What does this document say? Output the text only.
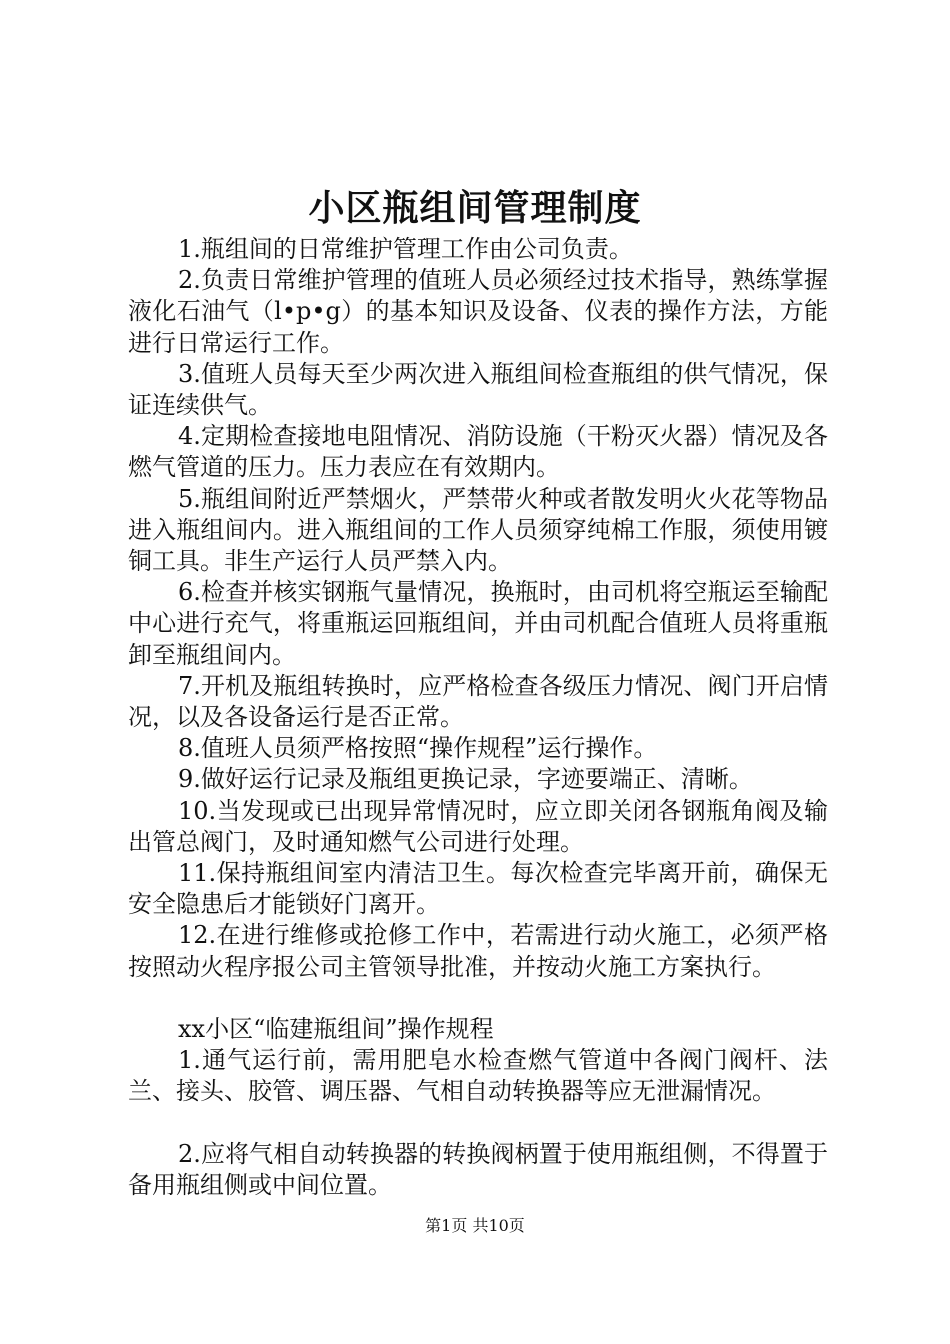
小区瓶组间管理制度

1.瓶组间的日常维护管理工作由公司负责。

2.负责日常维护管理的值班人员必须经过技术指导，熟练掌握液化石油气（l•p•g）的基本知识及设备、仪表的操作方法，方能进行日常运行工作。

3.值班人员每天至少两次进入瓶组间检查瓶组的供气情况，保证连续供气。

4.定期检查接地电阻情况、消防设施（干粉灭火器）情况及各燃气管道的压力。压力表应在有效期内。

5.瓶组间附近严禁烟火，严禁带火种或者散发明火火花等物品进入瓶组间内。进入瓶组间的工作人员须穿纯棉工作服，须使用镀铜工具。非生产运行人员严禁入内。

6.检查并核实钢瓶气量情况，换瓶时，由司机将空瓶运至输配中心进行充气，将重瓶运回瓶组间，并由司机配合值班人员将重瓶卸至瓶组间内。

7.开机及瓶组转换时，应严格检查各级压力情况、阀门开启情况，以及各设备运行是否正常。

8.值班人员须严格按照“操作规程”运行操作。

9.做好运行记录及瓶组更换记录，字迹要端正、清晰。

10.当发现或已出现异常情况时，应立即关闭各钢瓶角阀及输出管总阀门，及时通知燃气公司进行处理。

11.保持瓶组间室内清洁卫生。每次检查完毕离开前，确保无安全隐患后才能锁好门离开。

12.在进行维修或抢修工作中，若需进行动火施工，必须严格按照动火程序报公司主管领导批准，并按动火施工方案执行。

xx小区“临建瓶组间”操作规程

1.通气运行前，需用肥皂水检查燃气管道中各阀门阀杆、法兰、接头、胶管、调压器、气相自动转换器等应无泄漏情况。

2.应将气相自动转换器的转换阀柄置于使用瓶组侧，不得置于备用瓶组侧或中间位置。

第1页 共10页
